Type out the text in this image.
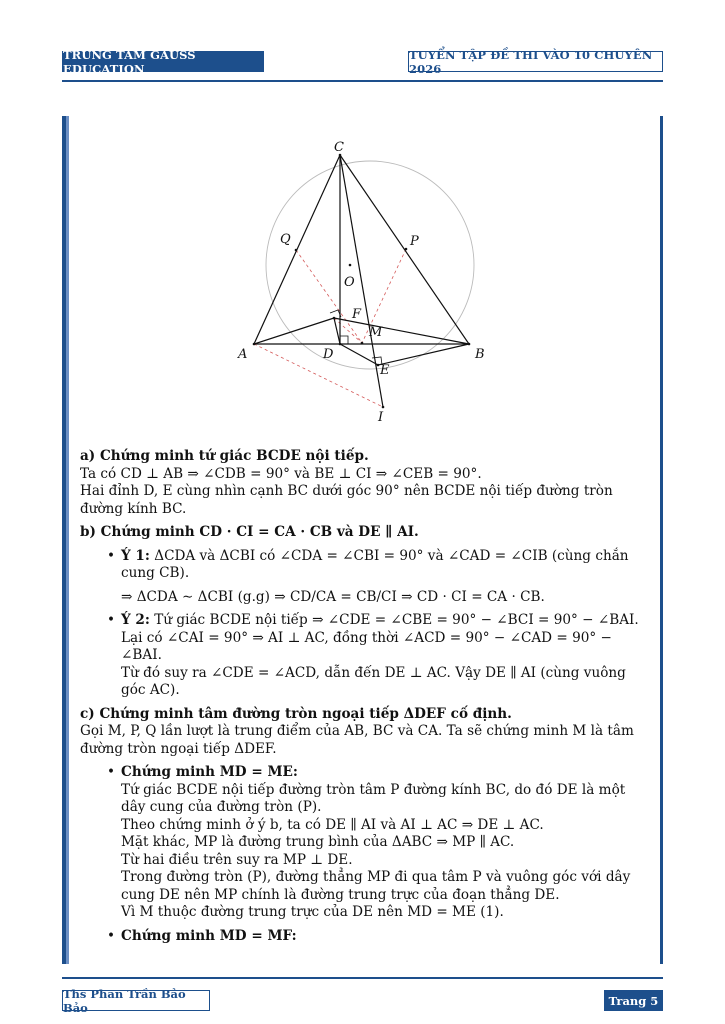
TRUNG TÂM GAUSS EDUCATION
TUYỂN TẬP ĐỀ THI VÀO 10 CHUYÊN 2026
C
Q	P
O
F
M
A	D	B
E
I

a) Chứng minh tứ giác BCDE nội tiếp.

Ta có CD ⊥ AB ⇒ ∠CDB = 90° và BE ⊥ CI ⇒ ∠CEB = 90°.

Hai đỉnh D, E cùng nhìn cạnh BC dưới góc 90° nên BCDE nội tiếp đường tròn đường kính BC.

b) Chứng minh CD · CI = CA · CB và DE ∥ AI.

• Ý 1: ΔCDA và ΔCBI có ∠CDA = ∠CBI = 90° và ∠CAD = ∠CIB (cùng chắn cung CB).

⇒ ΔCDA ∼ ΔCBI (g.g) ⇒ CD/CA = CB/CI ⇒ CD · CI = CA · CB.

• Ý 2: Tứ giác BCDE nội tiếp ⇒ ∠CDE = ∠CBE = 90° − ∠BCI = 90° − ∠BAI.

Lại có ∠CAI = 90° ⇒ AI ⊥ AC, đồng thời ∠ACD = 90° − ∠CAD = 90° − ∠BAI.

Từ đó suy ra ∠CDE = ∠ACD, dẫn đến DE ⊥ AC. Vậy DE ∥ AI (cùng vuông góc AC).

c) Chứng minh tâm đường tròn ngoại tiếp ΔDEF cố định.

Gọi M, P, Q lần lượt là trung điểm của AB, BC và CA. Ta sẽ chứng minh M là tâm đường tròn ngoại tiếp ΔDEF.

• Chứng minh MD = ME:

Tứ giác BCDE nội tiếp đường tròn tâm P đường kính BC, do đó DE là một dây cung của đường tròn (P).

Theo chứng minh ở ý b, ta có DE ∥ AI và AI ⊥ AC ⇒ DE ⊥ AC.

Mặt khác, MP là đường trung bình của ΔABC ⇒ MP ∥ AC.

Từ hai điều trên suy ra MP ⊥ DE.

Trong đường tròn (P), đường thẳng MP đi qua tâm P và vuông góc với dây cung DE nên MP chính là đường trung trực của đoạn thẳng DE.

Vì M thuộc đường trung trực của DE nên MD = ME (1).

• Chứng minh MD = MF:
Ths Phan Trần Bảo Bảo	Trang 5
